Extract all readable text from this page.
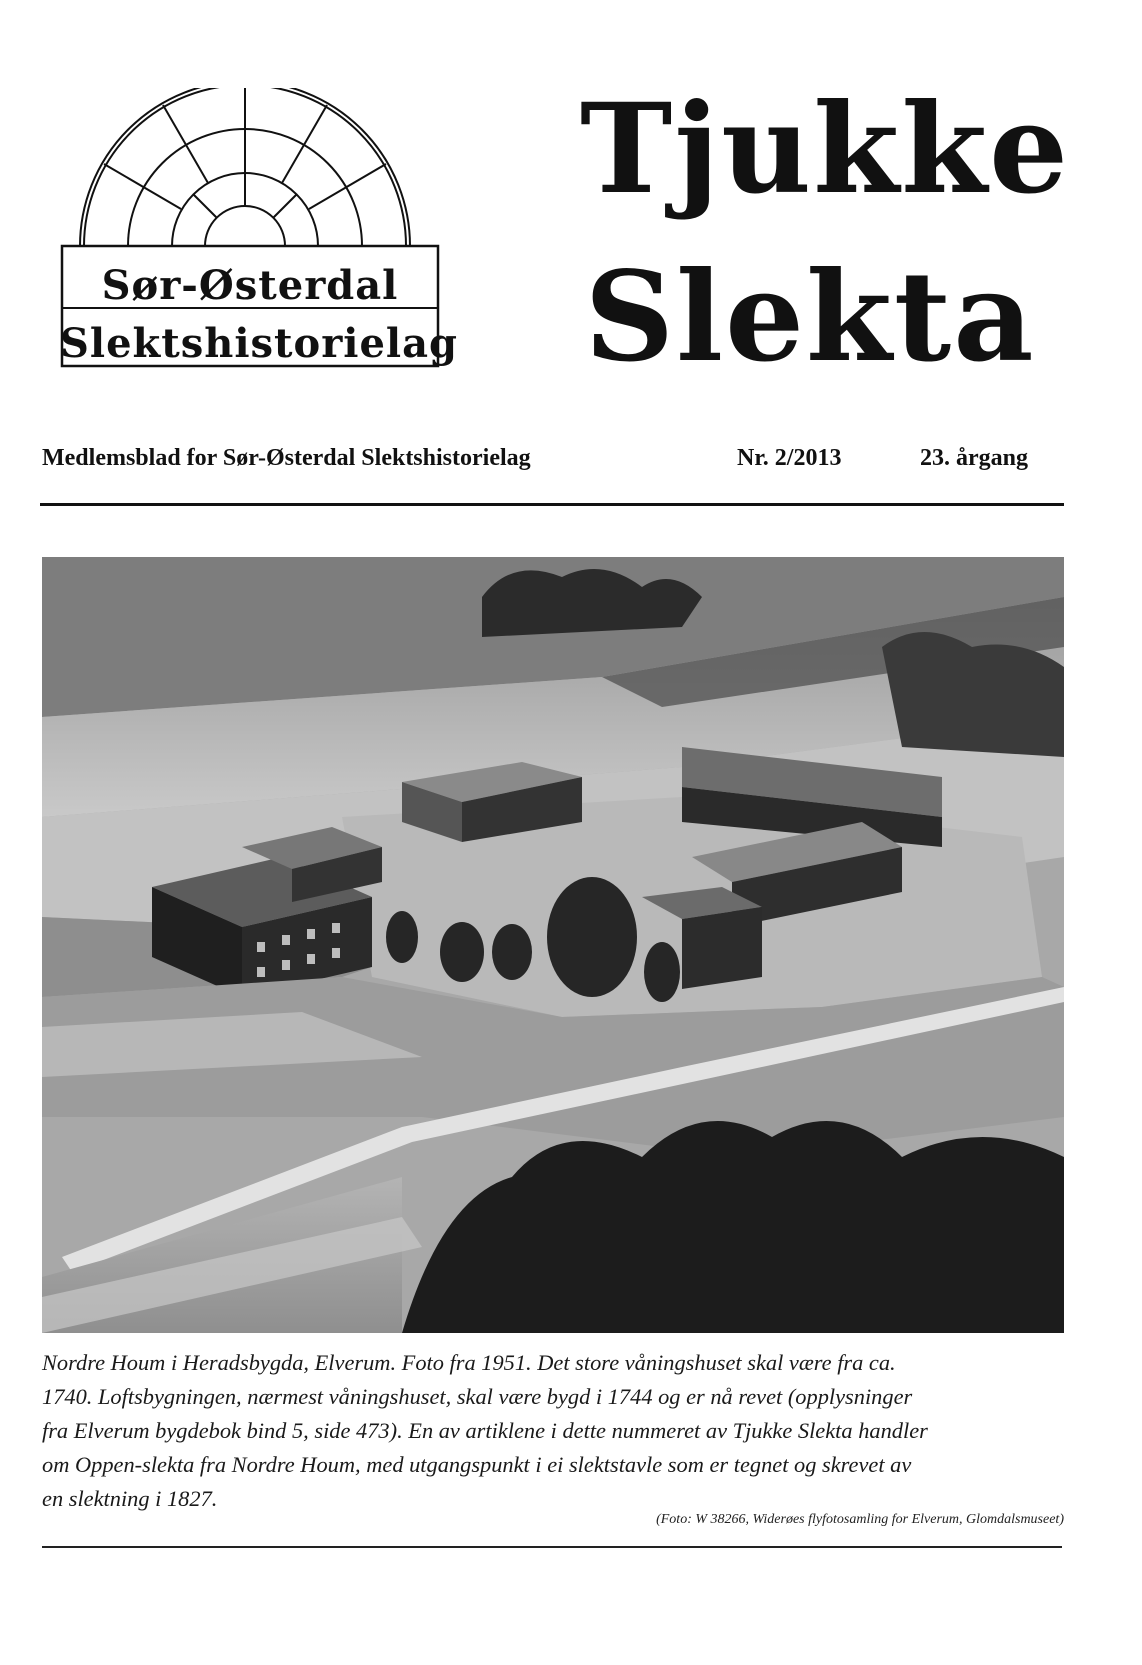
Sør-Østerdal
Slektshistorielag
Tjukke
Slekta
Medlemsblad for Sør-Østerdal Slektshistorielag	Nr. 2/2013	23. årgang
Nordre Houm i Heradsbygda, Elverum. Foto fra 1951. Det store våningshuset skal være fra ca.
1740. Loftsbygningen, nærmest våningshuset, skal være bygd i 1744 og er nå revet (opplysninger
fra Elverum bygdebok bind 5, side 473). En av artiklene i dette nummeret av Tjukke Slekta handler
om Oppen-slekta fra Nordre Houm, med utgangspunkt i ei slektstavle som er tegnet og skrevet av
en slektning i 1827.
(Foto: W 38266, Widerøes flyfotosamling for Elverum, Glomdalsmuseet)
